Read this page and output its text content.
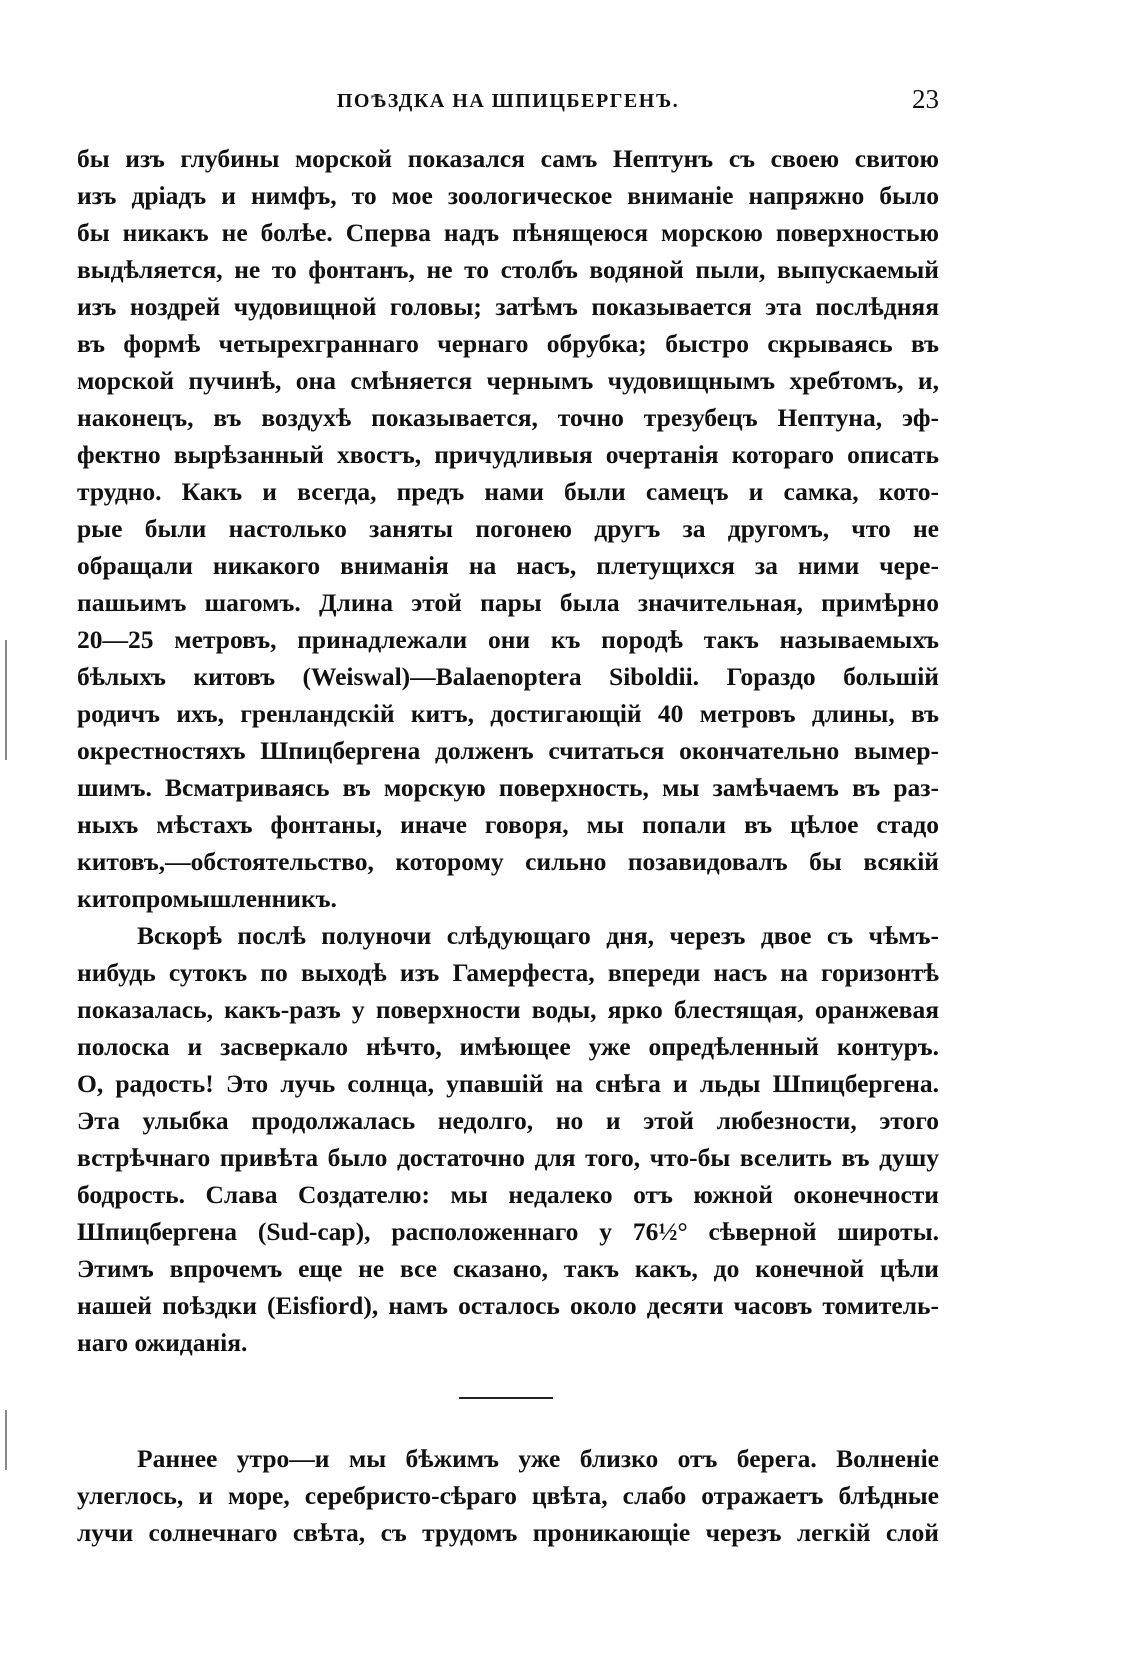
ПОѢЗДКА НА ШПИЦБЕРГЕНЪ.	23
бы изъ глубины морской показался самъ Нептунъ съ своею свитою
изъ дріадъ и нимфъ, то мое зоологическое вниманіе напряжно было
бы никакъ не болѣе. Сперва надъ пѣнящеюся морскою поверхностью
выдѣляется, не то фонтанъ, не то столбъ водяной пыли, выпускаемый
изъ ноздрей чудовищной головы; затѣмъ показывается эта послѣдняя
въ формѣ четырехграннаго чернаго обрубка; быстро скрываясь въ
морской пучинѣ, она смѣняется чернымъ чудовищнымъ хребтомъ, и,
наконецъ, въ воздухѣ показывается, точно трезубецъ Нептуна, эф-
фектно вырѣзанный хвостъ, причудливыя очертанія котораго описать
трудно. Какъ и всегда, предъ нами были самецъ и самка, кото-
рые были настолько заняты погонею другъ за другомъ, что не
обращали никакого вниманія на насъ, плетущихся за ними чере-
пашьимъ шагомъ. Длина этой пары была значительная, примѣрно
20—25 метровъ, принадлежали они къ породѣ такъ называемыхъ
бѣлыхъ китовъ (Weiswal)—Balaenoptera Siboldii. Гораздо большій
родичъ ихъ, гренландскій китъ, достигающій 40 метровъ длины, въ
окрестностяхъ Шпицбергена долженъ считаться окончательно вымер-
шимъ. Всматриваясь въ морскую поверхность, мы замѣчаемъ въ раз-
ныхъ мѣстахъ фонтаны, иначе говоря, мы попали въ цѣлое стадо
китовъ,—обстоятельство, которому сильно позавидовалъ бы всякій
китопромышленникъ.
Вскорѣ послѣ полуночи слѣдующаго дня, черезъ двое съ чѣмъ-
нибудь сутокъ по выходѣ изъ Гамерфеста, впереди насъ на горизонтѣ
показалась, какъ-разъ у поверхности воды, ярко блестящая, оранжевая
полоска и засверкало нѣчто, имѣющее уже опредѣленный контуръ.
О, радость! Это лучь солнца, упавшій на снѣга и льды Шпицбергена.
Эта улыбка продолжалась недолго, но и этой любезности, этого
встрѣчнаго привѣта было достаточно для того, что-бы вселить въ душу
бодрость. Слава Создателю: мы недалеко отъ южной оконечности
Шпицбергена (Sud-cap), расположеннаго у 76½° сѣверной широты.
Этимъ впрочемъ еще не все сказано, такъ какъ, до конечной цѣли
нашей поѣздки (Eisfiord), намъ осталось около десяти часовъ томитель-
наго ожиданія.
Раннее утро—и мы бѣжимъ уже близко отъ берега. Волненіе
улеглось, и море, серебристо-сѣраго цвѣта, слабо отражаетъ блѣдные
лучи солнечнаго свѣта, съ трудомъ проникающіе черезъ легкій слой
